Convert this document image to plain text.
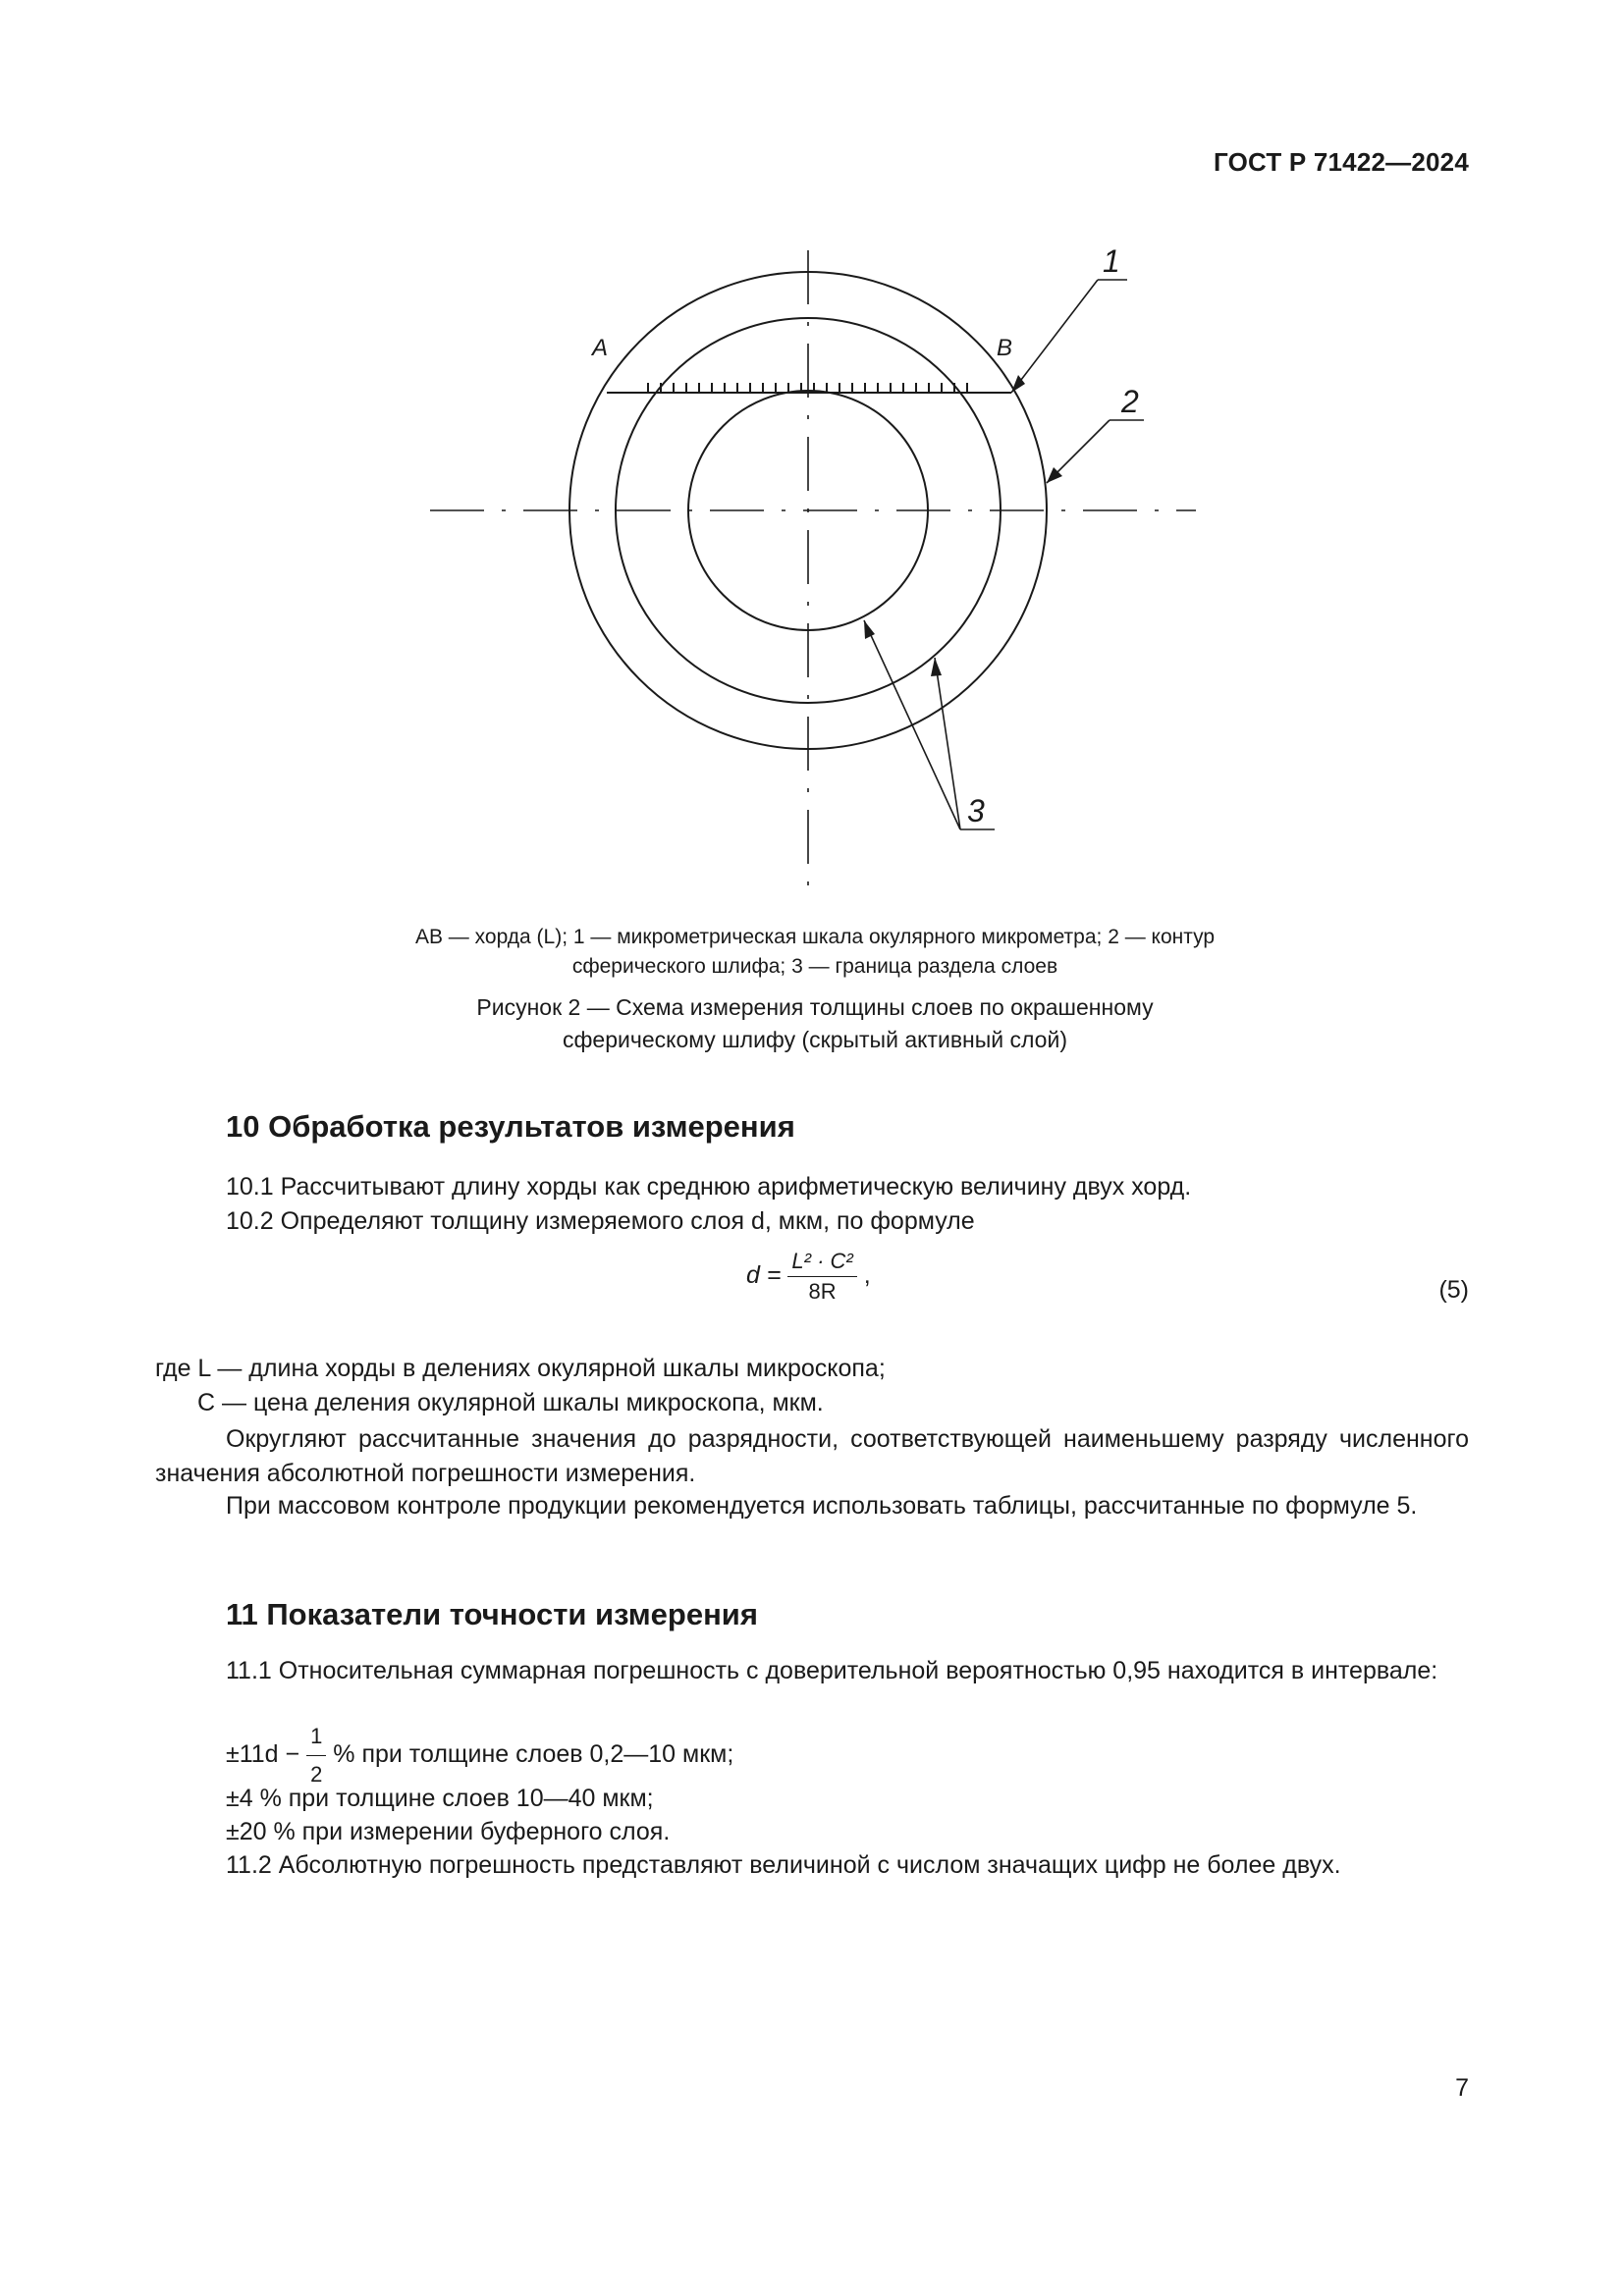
ГОСТ Р 71422—2024
A	B
1
2
3
AB — хорда (L); 1 — микрометрическая шкала окулярного микрометра; 2 — контур
сферического шлифа; 3 — граница раздела слоев
Рисунок 2 — Схема измерения толщины слоев по окрашенному
сферическому шлифу (скрытый активный слой)
10 Обработка результатов измерения
10.1 Рассчитывают длину хорды как среднюю арифметическую величину двух хорд.
10.2 Определяют толщину измеряемого слоя d, мкм, по формуле
$d = \frac{\text{L² · C²}}{8R}$ ,
(5)
где L — длина хорды в делениях окулярной шкалы микроскопа;
C — цена деления окулярной шкалы микроскопа, мкм.
Округляют рассчитанные значения до разрядности, соответствующей наименьшему разряду численного значения абсолютной погрешности измерения.
При массовом контроле продукции рекомендуется использовать таблицы, рассчитанные по формуле 5.
11 Показатели точности измерения
11.1 Относительная суммарная погрешность с доверительной вероятностью 0,95 находится в интервале:
$\pm 11d - \frac{1}{2}$ % при толщине слоев 0,2—10 мкм;
±4 % при толщине слоев 10—40 мкм;
±20 % при измерении буферного слоя.
11.2 Абсолютную погрешность представляют величиной с числом значащих цифр не более двух.
7
